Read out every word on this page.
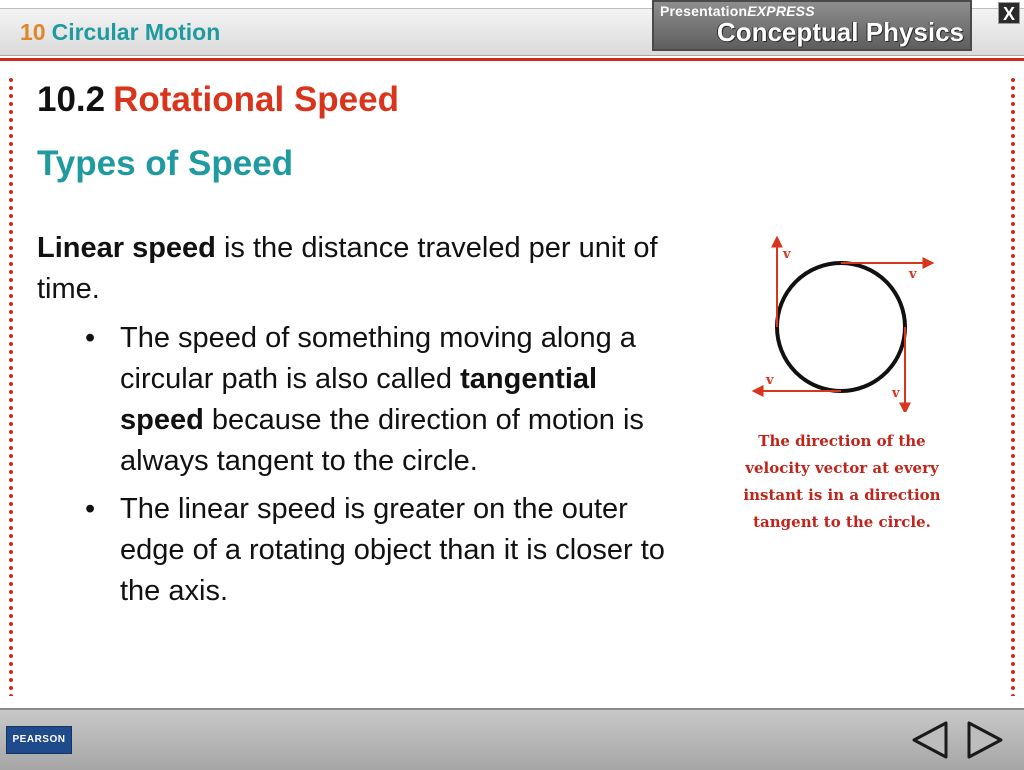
10 Circular Motion
PresentationEXPRESS
Conceptual Physics
X
10.2 Rotational Speed
Types of Speed
Linear speed is the distance traveled per unit of time.
• The speed of something moving along a circular path is also called tangential speed because the direction of motion is always tangent to the circle.
• The linear speed is greater on the outer edge of a rotating object than it is closer to the axis.
v
v
v
v
The direction of the velocity vector at every instant is in a direction tangent to the circle.
PEARSON
